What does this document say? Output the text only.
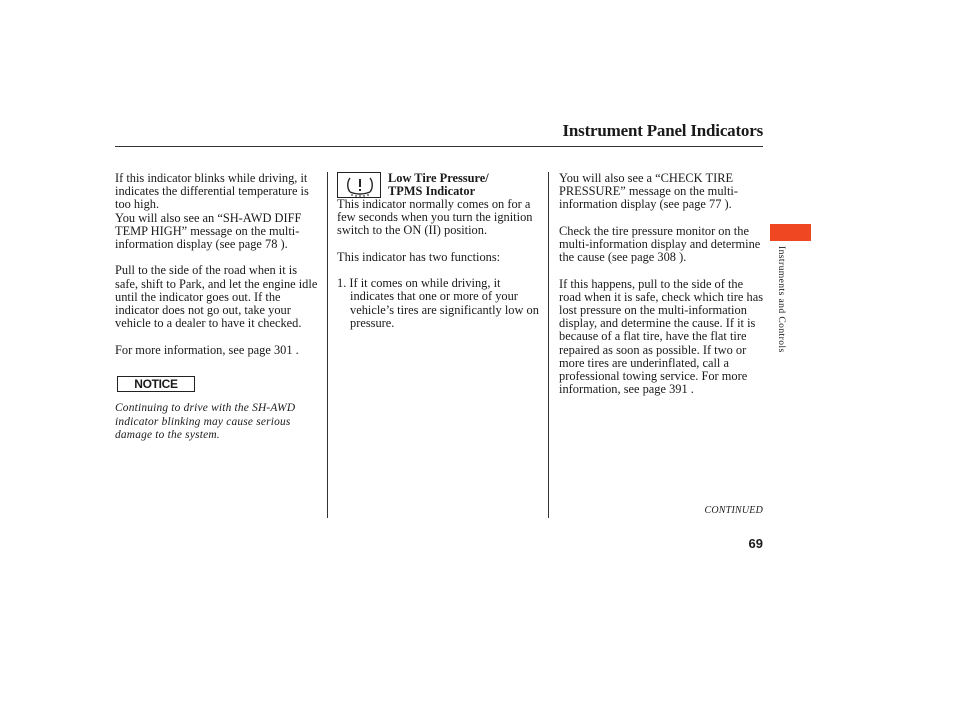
Instrument Panel Indicators

If this indicator blinks while driving, it indicates the differential temperature is too high.

You will also see an “SH-AWD DIFF TEMP HIGH” message on the multi-information display (see page 78 ).

Pull to the side of the road when it is safe, shift to Park, and let the engine idle until the indicator goes out. If the indicator does not go out, take your vehicle to a dealer to have it checked.

For more information, see page 301 .

NOTICE
Continuing to drive with the SH-AWD indicator blinking may cause serious damage to the system.
Low Tire Pressure/
TPMS Indicator

This indicator normally comes on for a few seconds when you turn the ignition switch to the ON (II) position.

This indicator has two functions:

1. If it comes on while driving, it indicates that one or more of your vehicle’s tires are significantly low on pressure.

You will also see a “CHECK TIRE PRESSURE” message on the multi-information display (see page 77 ).

Check the tire pressure monitor on the multi-information display and determine the cause (see page 308 ).

If this happens, pull to the side of the road when it is safe, check which tire has lost pressure on the multi-information display, and determine the cause. If it is because of a flat tire, have the flat tire repaired as soon as possible. If two or more tires are underinflated, call a professional towing service. For more information, see page 391 .

Instruments and Controls
CONTINUED
69
